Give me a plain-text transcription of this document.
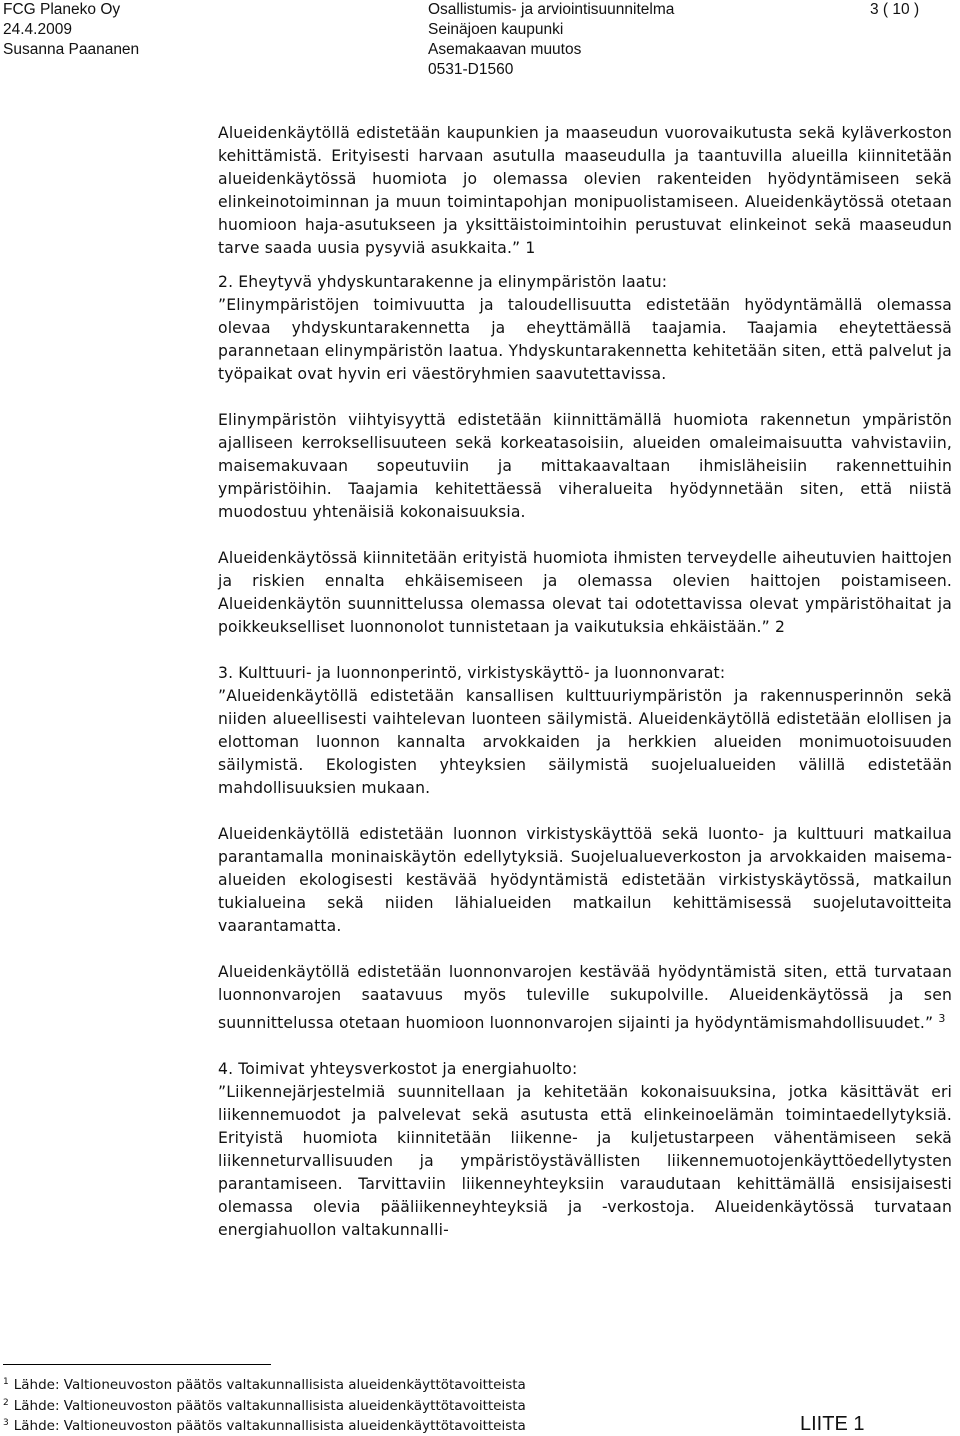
FCG Planeko Oy
24.4.2009
Susanna Paananen
Osallistumis- ja arviointisuunnitelma
Seinäjoen kaupunki
Asemakaavan muutos
0531-D1560
3 ( 10 )

Alueidenkäytöllä edistetään kaupunkien ja maaseudun vuorovaikutusta sekä kyläverkoston kehittämistä. Erityisesti harvaan asutulla maaseudulla ja taantuvilla alueilla kiinnitetään alueidenkäytössä huomiota jo olemassa olevien rakenteiden hyödyntämiseen sekä elinkeinotoiminnan ja muun toimintapohjan monipuolistamiseen. Alueidenkäytössä otetaan huomioon haja-asutukseen ja yksittäistoimintoihin perustuvat elinkeinot sekä maaseudun tarve saada uusia pysyviä asukkaita.” 1

2. Eheytyvä yhdyskuntarakenne ja elinympäristön laatu:
”Elinympäristöjen toimivuutta ja taloudellisuutta edistetään hyödyntämällä olemassa olevaa yhdyskuntarakennetta ja eheyttämällä taajamia. Taajamia eheytettäessä parannetaan elinympäristön laatua. Yhdyskuntarakennetta kehitetään siten, että palvelut ja työpaikat ovat hyvin eri väestöryhmien saavutettavissa.

Elinympäristön viihtyisyyttä edistetään kiinnittämällä huomiota rakennetun ympäristön ajalliseen kerroksellisuuteen sekä korkeatasoisiin, alueiden omaleimaisuutta vahvistaviin, maisemakuvaan sopeutuviin ja mittakaavaltaan ihmisläheisiin rakennettuihin ympäristöihin. Taajamia kehitettäessä viheralueita hyödynnetään siten, että niistä muodostuu yhtenäisiä kokonaisuuksia.

Alueidenkäytössä kiinnitetään erityistä huomiota ihmisten terveydelle aiheutuvien haittojen ja riskien ennalta ehkäisemiseen ja olemassa olevien haittojen poistamiseen. Alueidenkäytön suunnittelussa olemassa olevat tai odotettavissa olevat ympäristöhaitat ja poikkeukselliset luonnonolot tunnistetaan ja vaikutuksia ehkäistään.” 2

3. Kulttuuri- ja luonnonperintö, virkistyskäyttö- ja luonnonvarat:
”Alueidenkäytöllä edistetään kansallisen kulttuuriympäristön ja rakennusperinnön sekä niiden alueellisesti vaihtelevan luonteen säilymistä. Alueidenkäytöllä edistetään elollisen ja elottoman luonnon kannalta arvokkaiden ja herkkien alueiden monimuotoisuuden säilymistä. Ekologisten yhteyksien säilymistä suojelualueiden välillä edistetään mahdollisuuksien mukaan.

Alueidenkäytöllä edistetään luonnon virkistyskäyttöä sekä luonto- ja kulttuuri matkailua parantamalla moninaiskäytön edellytyksiä. Suojelualueverkoston ja arvokkaiden maisema-alueiden ekologisesti kestävää hyödyntämistä edistetään virkistyskäytössä, matkailun tukialueina sekä niiden lähialueiden matkailun kehittämisessä suojelutavoitteita vaarantamatta.

Alueidenkäytöllä edistetään luonnonvarojen kestävää hyödyntämistä siten, että turvataan luonnonvarojen saatavuus myös tuleville sukupolville. Alueidenkäytössä ja sen suunnittelussa otetaan huomioon luonnonvarojen sijainti ja hyödyntämismahdollisuudet.” $^3$

4. Toimivat yhteysverkostot ja energiahuolto:
”Liikennejärjestelmiä suunnitellaan ja kehitetään kokonaisuuksina, jotka käsittävät eri liikennemuodot ja palvelevat sekä asutusta että elinkeinoelämän toimintaedellytyksiä. Erityistä huomiota kiinnitetään liikenne- ja kuljetustarpeen vähentämiseen sekä liikenneturvallisuuden ja ympäristöystävällisten liikennemuotojenkäyttöedellytysten parantamiseen. Tarvittaviin liikenneyhteyksiin varaudutaan kehittämällä ensisijaisesti olemassa olevia pääliikenneyhteyksiä ja -verkostoja. Alueidenkäytössä turvataan energiahuollon valtakunnalli-

$^1$ Lähde: Valtioneuvoston päätös valtakunnallisista alueidenkäyttötavoitteista
$^2$ Lähde: Valtioneuvoston päätös valtakunnallisista alueidenkäyttötavoitteista
$^3$ Lähde: Valtioneuvoston päätös valtakunnallisista alueidenkäyttötavoitteista	LIITE 1
